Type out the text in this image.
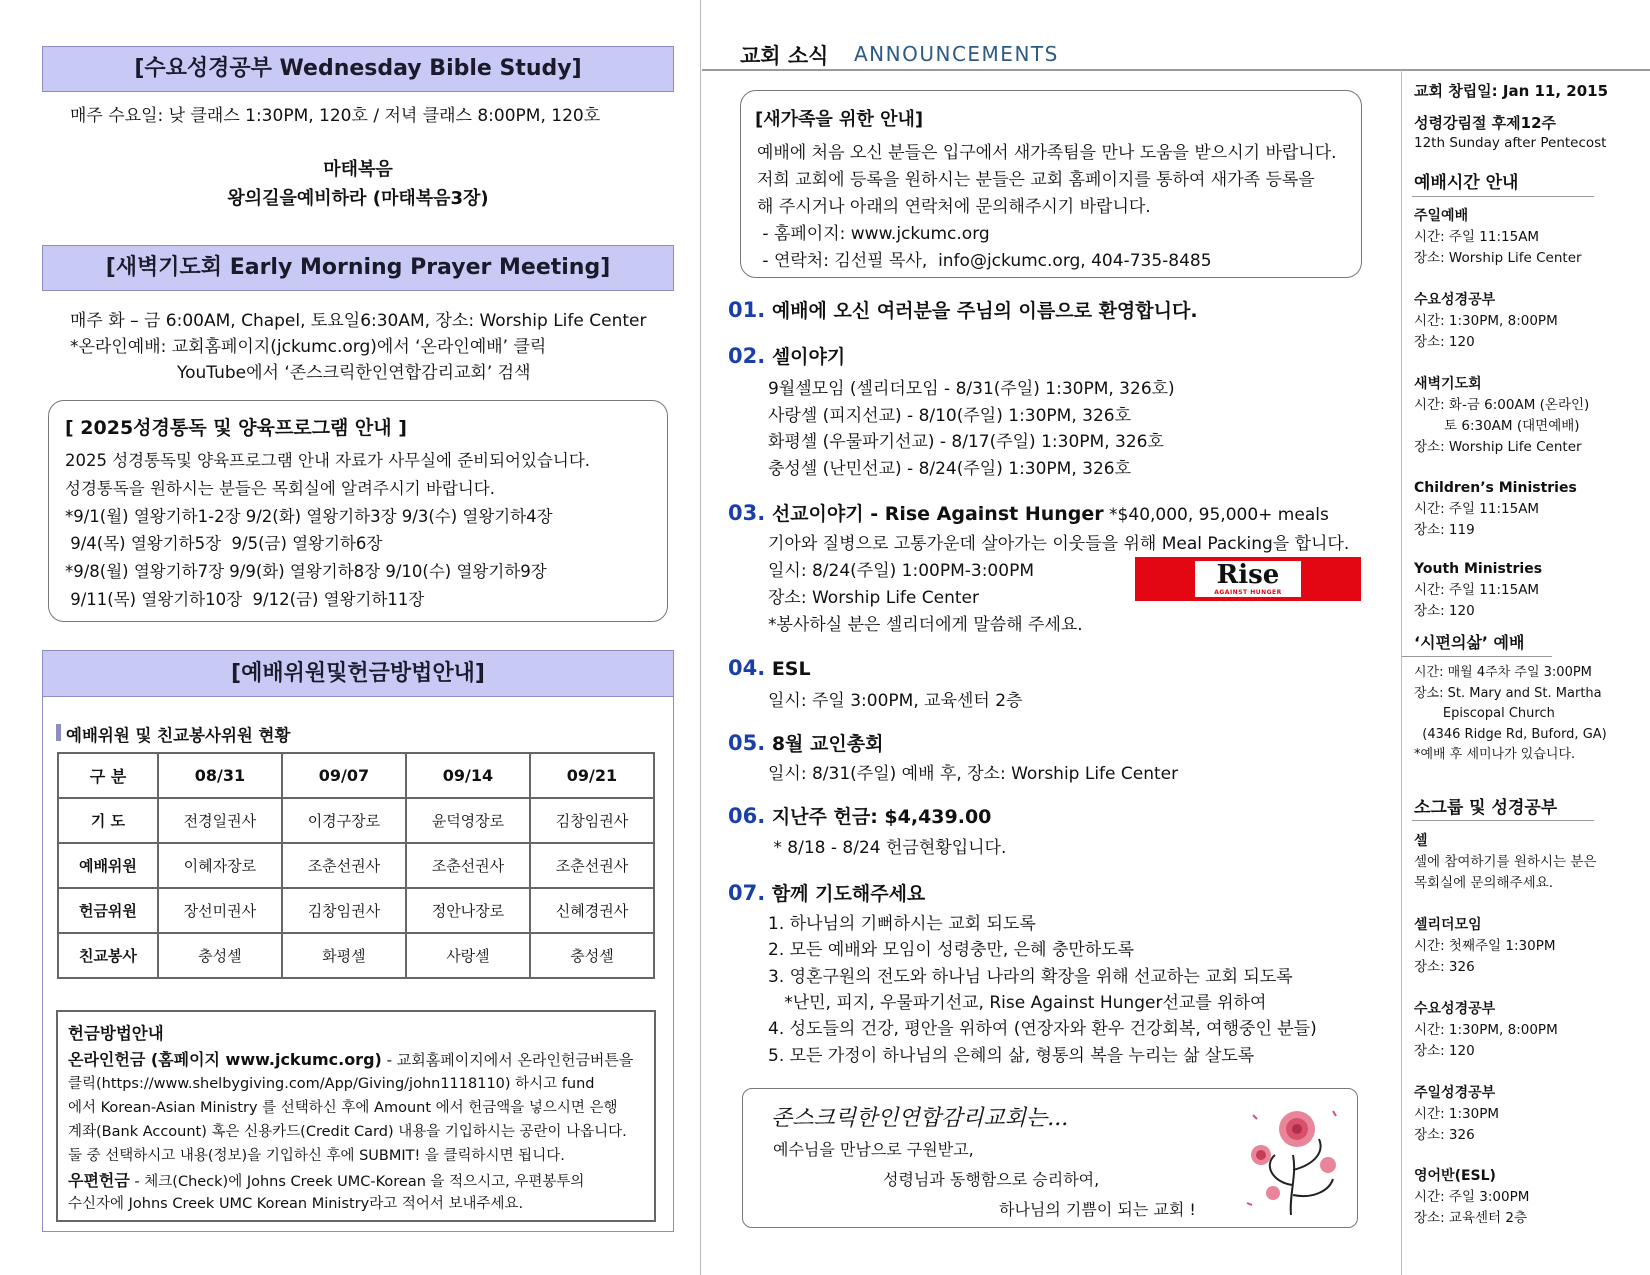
[수요성경공부 Wednesday Bible Study]
매주 수요일: 낮 클래스 1:30PM, 120호 / 저녁 클래스 8:00PM, 120호
마태복음
왕의길을예비하라 (마태복음3장)
[새벽기도회 Early Morning Prayer Meeting]
매주 화 – 금 6:00AM, Chapel, 토요일6:30AM, 장소: Worship Life Center
*온라인예배: 교회홈페이지(jckumc.org)에서 ‘온라인예배’ 클릭
YouTube에서 ‘존스크릭한인연합감리교회’ 검색
[ 2025성경통독 및 양육프로그램 안내 ]
2025 성경통독및 양육프로그램 안내 자료가 사무실에 준비되어있습니다.
성경통독을 원하시는 분들은 목회실에 알려주시기 바랍니다.
*9/1(월) 열왕기하1-2장 9/2(화) 열왕기하3장 9/3(수) 열왕기하4장
9/4(목) 열왕기하5장  9/5(금) 열왕기하6장
*9/8(월) 열왕기하7장 9/9(화) 열왕기하8장 9/10(수) 열왕기하9장
9/11(목) 열왕기하10장  9/12(금) 열왕기하11장
[예배위원및헌금방법안내]
예배위원 및 친교봉사위원 현황
구 분	08/31	09/07	09/14	09/21
기 도	전경일권사	이경구장로	윤덕영장로	김창임권사
예배위원	이혜자장로	조춘선권사	조춘선권사	조춘선권사
헌금위원	장선미권사	김창임권사	정안나장로	신혜경권사
친교봉사	충성셀	화평셀	사랑셀	충성셀
헌금방법안내
온라인헌금 (홈페이지 www.jckumc.org) - 교회홈페이지에서 온라인헌금버튼을
클릭(https://www.shelbygiving.com/App/Giving/john1118110) 하시고 fund
에서 Korean-Asian Ministry 를 선택하신 후에 Amount 에서 헌금액을 넣으시면 은행
계좌(Bank Account) 혹은 신용카드(Credit Card) 내용을 기입하시는 공란이 나옵니다.
둘 중 선택하시고 내용(정보)을 기입하신 후에 SUBMIT! 을 클릭하시면 됩니다.
우편헌금 - 체크(Check)에 Johns Creek UMC-Korean 을 적으시고, 우편봉투의
수신자에 Johns Creek UMC Korean Ministry라고 적어서 보내주세요.
교회 소식 ANNOUNCEMENTS
[새가족을 위한 안내]
예배에 처음 오신 분들은 입구에서 새가족팀을 만나 도움을 받으시기 바랍니다.
저희 교회에 등록을 원하시는 분들은 교회 홈페이지를 통하여 새가족 등록을
해 주시거나 아래의 연락처에 문의해주시기 바랍니다.
- 홈페이지: www.jckumc.org
- 연락처: 김선필 목사,  info@jckumc.org, 404-735-8485
01. 예배에 오신 여러분을 주님의 이름으로 환영합니다.
02. 셀이야기
9월셀모임 (셀리더모임 - 8/31(주일) 1:30PM, 326호)
사랑셀 (피지선교) - 8/10(주일) 1:30PM, 326호
화평셀 (우물파기선교) - 8/17(주일) 1:30PM, 326호
충성셀 (난민선교) - 8/24(주일) 1:30PM, 326호
03. 선교이야기 - Rise Against Hunger *$40,000, 95,000+ meals
기아와 질병으로 고통가운데 살아가는 이웃들을 위해 Meal Packing을 합니다.
일시: 8/24(주일) 1:00PM-3:00PM
장소: Worship Life Center
*봉사하실 분은 셀리더에게 말씀해 주세요.
Rise
AGAINST HUNGER
04. ESL
일시: 주일 3:00PM, 교육센터 2층
05. 8월 교인총회
일시: 8/31(주일) 예배 후, 장소: Worship Life Center
06. 지난주 헌금: $4,439.00
* 8/18 - 8/24 헌금현황입니다.
07. 함께 기도해주세요
1. 하나님의 기뻐하시는 교회 되도록
2. 모든 예배와 모임이 성령충만, 은혜 충만하도록
3. 영혼구원의 전도와 하나님 나라의 확장을 위해 선교하는 교회 되도록
*난민, 피지, 우물파기선교, Rise Against Hunger선교를 위하여
4. 성도들의 건강, 평안을 위하여 (연장자와 환우 건강회복, 여행중인 분들)
5. 모든 가정이 하나님의 은혜의 삶, 형통의 복을 누리는 삶 살도록
존스크릭한인연합감리교회는...
예수님을 만남으로 구원받고,
성령님과 동행함으로 승리하여,
하나님의 기쁨이 되는 교회 !
교회 창립일: Jan 11, 2015
성령강림절 후제12주
12th Sunday after Pentecost
예배시간 안내
주일예배
시간: 주일 11:15AM
장소: Worship Life Center
수요성경공부
시간: 1:30PM, 8:00PM
장소: 120
새벽기도회
시간: 화-금 6:00AM (온라인)
토 6:30AM (대면예배)
장소: Worship Life Center
Children’s Ministries
시간: 주일 11:15AM
장소: 119
Youth Ministries
시간: 주일 11:15AM
장소: 120
‘시편의삶’ 예배
시간: 매월 4주차 주일 3:00PM
장소: St. Mary and St. Martha
Episcopal Church
(4346 Ridge Rd, Buford, GA)
*예배 후 세미나가 있습니다.
소그룹 및 성경공부
셀
셀에 참여하기를 원하시는 분은
목회실에 문의해주세요.
셀리더모임
시간: 첫째주일 1:30PM
장소: 326
수요성경공부
시간: 1:30PM, 8:00PM
장소: 120
주일성경공부
시간: 1:30PM
장소: 326
영어반(ESL)
시간: 주일 3:00PM
장소: 교육센터 2층
